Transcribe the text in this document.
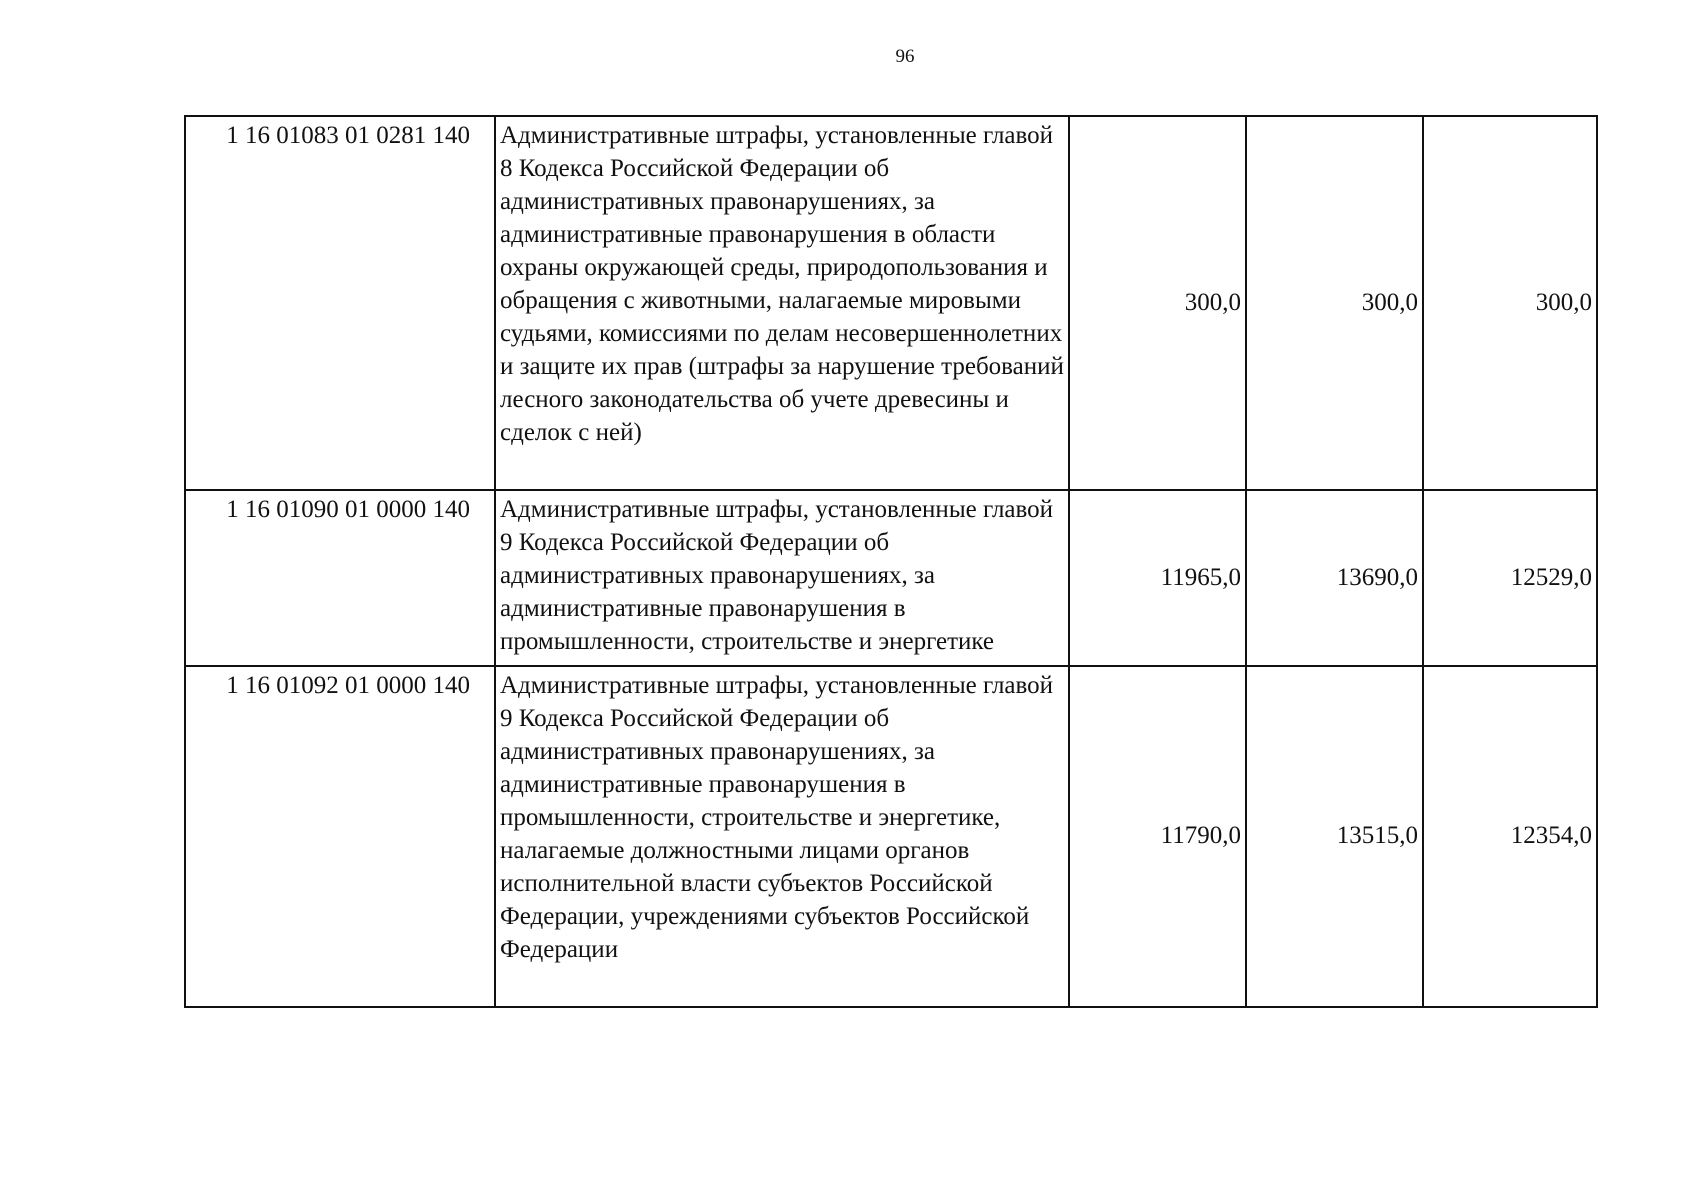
96
1 16 01083 01 0281 140	Административные штрафы, установленные главой 8 Кодекса Российской Федерации об административных правонарушениях, за административные правонарушения в области охраны окружающей среды, природопользования и обращения с животными, налагаемые мировыми судьями, комиссиями по делам несовершеннолетних и защите их прав (штрафы за нарушение требований лесного законодательства об учете древесины и сделок с ней)	300,0	300,0	300,0
1 16 01090 01 0000 140	Административные штрафы, установленные главой 9 Кодекса Российской Федерации об административных правонарушениях, за административные правонарушения в промышленности, строительстве и энергетике	11965,0	13690,0	12529,0
1 16 01092 01 0000 140	Административные штрафы, установленные главой 9 Кодекса Российской Федерации об административных правонарушениях, за административные правонарушения в промышленности, строительстве и энергетике, налагаемые должностными лицами органов исполнительной власти субъектов Российской Федерации, учреждениями субъектов Российской Федерации	11790,0	13515,0	12354,0
